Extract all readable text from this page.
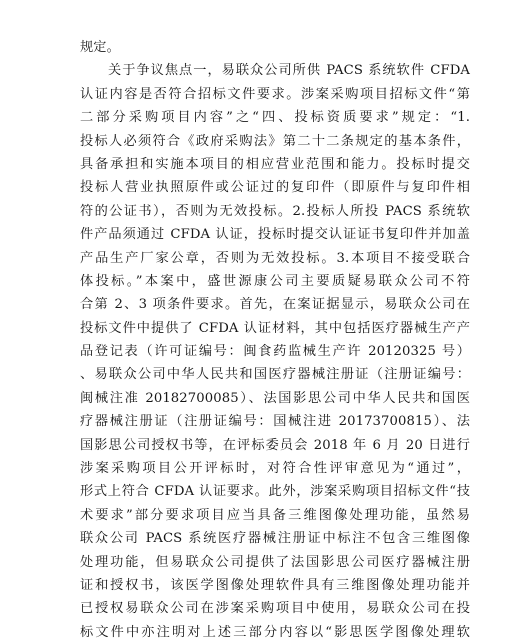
规定。
关于争议焦点一，易联众公司所供 PACS 系统软件 CFDA
认证内容是否符合招标文件要求。涉案采购项目招标文件“第
二部分采购项目内容”之“四、投标资质要求”规定：“1.
投标人必须符合《政府采购法》第二十二条规定的基本条件，
具备承担和实施本项目的相应营业范围和能力。投标时提交
投标人营业执照原件或公证过的复印件（即原件与复印件相
符的公证书），否则为无效投标。2.投标人所投 PACS 系统软
件产品须通过 CFDA 认证，投标时提交认证证书复印件并加盖
产品生产厂家公章，否则为无效投标。3.本项目不接受联合
体投标。”本案中，盛世源康公司主要质疑易联众公司不符
合第 2、3 项条件要求。首先，在案证据显示，易联众公司在
投标文件中提供了 CFDA 认证材料，其中包括医疗器械生产产
品登记表（许可证编号：闽食药监械生产许 20120325 号）
、易联众公司中华人民共和国医疗器械注册证（注册证编号：
闽械注准 20182700085）、法国影思公司中华人民共和国医
疗器械注册证（注册证编号：国械注进 20173700815）、法
国影思公司授权书等，在评标委员会 2018 年 6 月 20 日进行
涉案采购项目公开评标时，对符合性评审意见为“通过”，
形式上符合 CFDA 认证要求。此外，涉案采购项目招标文件“技
术要求”部分要求项目应当具备三维图像处理功能，虽然易
联众公司 PACS 系统医疗器械注册证中标注不包含三维图像
处理功能，但易联众公司提供了法国影思公司医疗器械注册
证和授权书，该医学图像处理软件具有三维图像处理功能并
已授权易联众公司在涉案采购项目中使用，易联众公司在投
标文件中亦注明对上述三部分内容以“影思医学图像处理软
